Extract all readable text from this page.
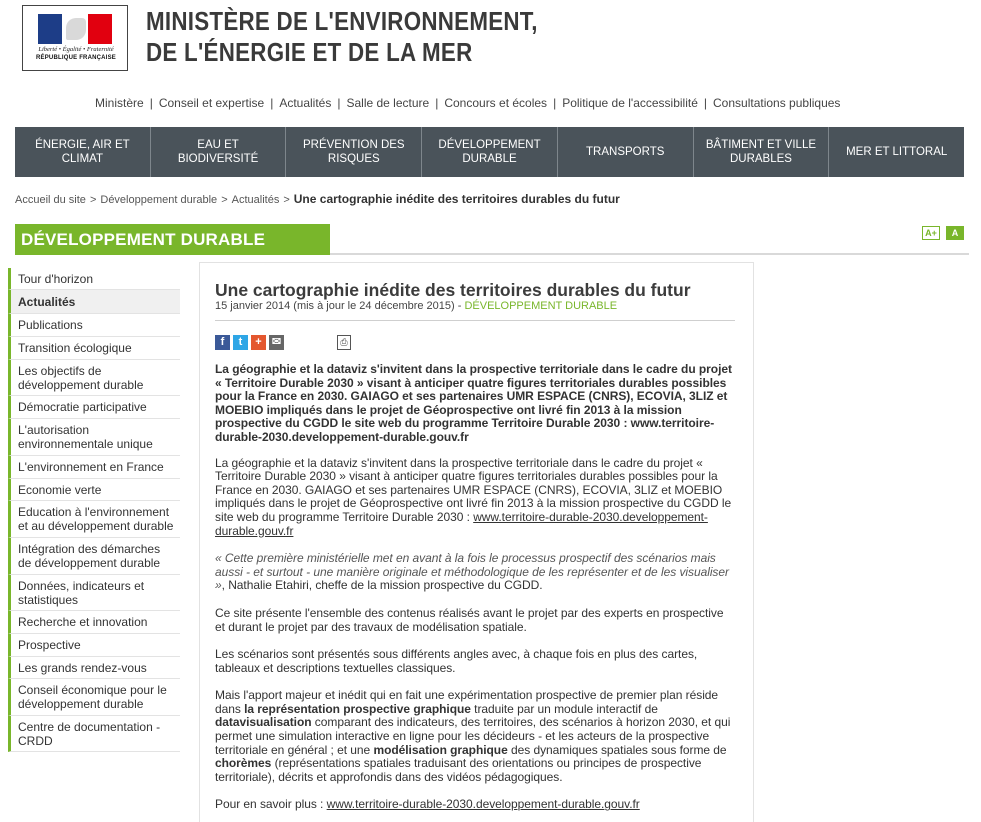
Liberté • Égalité • Fraternité
RÉPUBLIQUE FRANÇAISE
MINISTÈRE DE L'ENVIRONNEMENT,
DE L'ÉNERGIE ET DE LA MER
Ministère | Conseil et expertise | Actualités | Salle de lecture | Concours et écoles | Politique de l'accessibilité | Consultations publiques
ÉNERGIE, AIR ET CLIMAT
EAU ET BIODIVERSITÉ
PRÉVENTION DES RISQUES
DÉVELOPPEMENT DURABLE
TRANSPORTS
BÂTIMENT ET VILLE DURABLES
MER ET LITTORAL
Accueil du site > Développement durable > Actualités > Une cartographie inédite des territoires durables du futur
DÉVELOPPEMENT DURABLE	A+	A
Tour d'horizon
Actualités
Publications
Transition écologique
Les objectifs de développement durable
Démocratie participative
L'autorisation environnementale unique
L'environnement en France
Economie verte
Education à l'environnement et au développement durable
Intégration des démarches de développement durable
Données, indicateurs et statistiques
Recherche et innovation
Prospective
Les grands rendez-vous
Conseil économique pour le développement durable
Centre de documentation - CRDD
Une cartographie inédite des territoires durables du futur
15 janvier 2014 (mis à jour le 24 décembre 2015) - DÉVELOPPEMENT DURABLE
f	t	+ ✉	⎙

La géographie et la dataviz s'invitent dans la prospective territoriale dans le cadre du projet « Territoire Durable 2030 » visant à anticiper quatre figures territoriales durables possibles pour la France en 2030. GAIAGO et ses partenaires UMR ESPACE (CNRS), ECOVIA, 3LIZ et MOEBIO impliqués dans le projet de Géoprospective ont livré fin 2013 à la mission prospective du CGDD le site web du programme Territoire Durable 2030 : www.territoire-durable-2030.developpement-durable.gouv.fr

La géographie et la dataviz s'invitent dans la prospective territoriale dans le cadre du projet « Territoire Durable 2030 » visant à anticiper quatre figures territoriales durables possibles pour la France en 2030. GAIAGO et ses partenaires UMR ESPACE (CNRS), ECOVIA, 3LIZ et MOEBIO impliqués dans le projet de Géoprospective ont livré fin 2013 à la mission prospective du CGDD le site web du programme Territoire Durable 2030 : www.territoire-durable-2030.developpement-durable.gouv.fr

« Cette première ministérielle met en avant à la fois le processus prospectif des scénarios mais aussi - et surtout - une manière originale et méthodologique de les représenter et de les visualiser », Nathalie Etahiri, cheffe de la mission prospective du CGDD.

Ce site présente l'ensemble des contenus réalisés avant le projet par des experts en prospective et durant le projet par des travaux de modélisation spatiale.

Les scénarios sont présentés sous différents angles avec, à chaque fois en plus des cartes, tableaux et descriptions textuelles classiques.

Mais l'apport majeur et inédit qui en fait une expérimentation prospective de premier plan réside dans la représentation prospective graphique traduite par un module interactif de datavisualisation comparant des indicateurs, des territoires, des scénarios à horizon 2030, et qui permet une simulation interactive en ligne pour les décideurs - et les acteurs de la prospective territoriale en général ; et une modélisation graphique des dynamiques spatiales sous forme de chorèmes (représentations spatiales traduisant des orientations ou principes de prospective territoriale), décrits et approfondis dans des vidéos pédagogiques.

Pour en savoir plus : www.territoire-durable-2030.developpement-durable.gouv.fr
